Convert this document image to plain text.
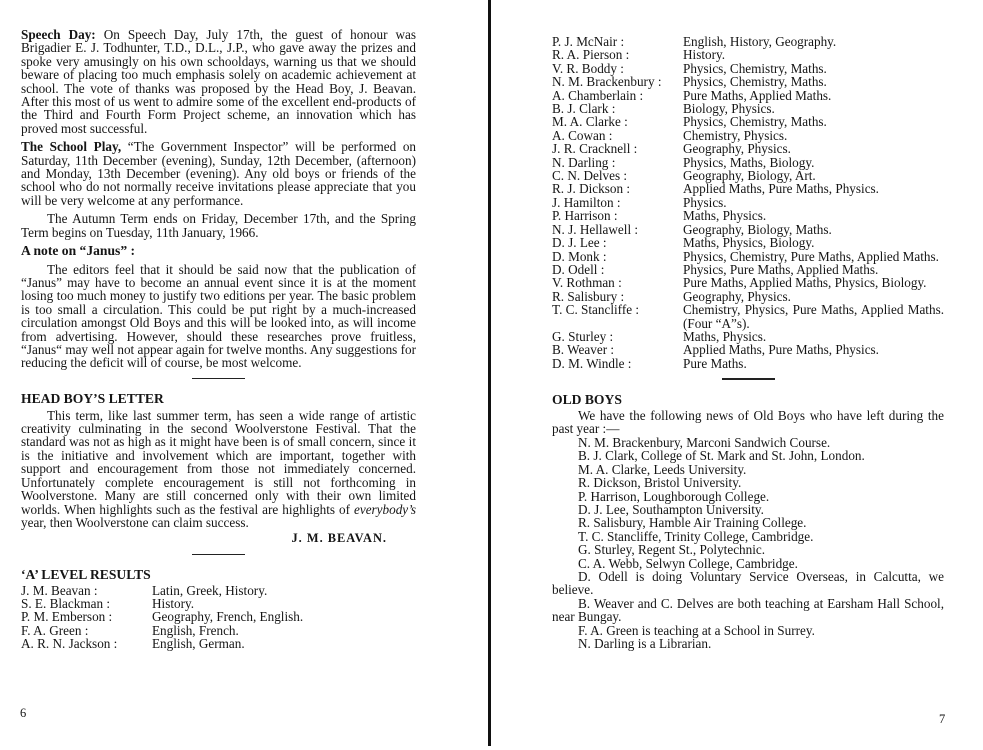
Speech Day: On Speech Day, July 17th, the guest of honour was Brigadier E. J. Todhunter, T.D., D.L., J.P., who gave away the prizes and spoke very amusingly on his own schooldays, warning us that we should beware of placing too much emphasis solely on academic achievement at school. The vote of thanks was proposed by the Head Boy, J. Beavan. After this most of us went to admire some of the excellent end-products of the Third and Fourth Form Project scheme, an innovation which has proved most successful.

The School Play, “The Government Inspector” will be performed on Saturday, 11th December (evening), Sunday, 12th December, (afternoon) and Monday, 13th December (evening). Any old boys or friends of the school who do not normally receive invitations please appreciate that you will be very welcome at any performance.

The Autumn Term ends on Friday, December 17th, and the Spring Term begins on Tuesday, 11th January, 1966.

A note on “Janus” :

The editors feel that it should be said now that the publication of “Janus” may have to become an annual event since it is at the moment losing too much money to justify two editions per year. The basic problem is too small a circulation. This could be put right by a much-increased circulation amongst Old Boys and this will be looked into, as will income from advertising. However, should these researches prove fruitless, “Janus“ may well not appear again for twelve months. Any suggestions for reducing the deficit will of course, be most welcome.

HEAD BOY’S LETTER

This term, like last summer term, has seen a wide range of artistic creativity culminating in the second Woolverstone Festival. That the standard was not as high as it might have been is of small concern, since it is the initiative and involvement which are important, together with support and encouragement from those not immediately concerned. Unfortunately complete encouragement is still not forthcoming in Woolverstone. Many are still concerned only with their own limited worlds. When highlights such as the festival are highlights of everybody’s year, then Woolverstone can claim success.

J. M. BEAVAN.

‘A’ LEVEL RESULTS

J. M. Beavan :	Latin, Greek, History.
S. E. Blackman :	History.
P. M. Emberson :	Geography, French, English.
F. A. Green :	English, French.
A. R. N. Jackson :	English, German.
6
P. J. McNair :	English, History, Geography.
R. A. Pierson :	History.
V. R. Boddy :	Physics, Chemistry, Maths.
N. M. Brackenbury :	Physics, Chemistry, Maths.
A. Chamberlain :	Pure Maths, Applied Maths.
B. J. Clark :	Biology, Physics.
M. A. Clarke :	Physics, Chemistry, Maths.
A. Cowan :	Chemistry, Physics.
J. R. Cracknell :	Geography, Physics.
N. Darling :	Physics, Maths, Biology.
C. N. Delves :	Geography, Biology, Art.
R. J. Dickson :	Applied Maths, Pure Maths, Physics.
J. Hamilton :	Physics.
P. Harrison :	Maths, Physics.
N. J. Hellawell :	Geography, Biology, Maths.
D. J. Lee :	Maths, Physics, Biology.
D. Monk :	Physics, Chemistry, Pure Maths, Applied Maths.
D. Odell :	Physics, Pure Maths, Applied Maths.
V. Rothman :	Pure Maths, Applied Maths, Physics, Biology.
R. Salisbury :	Geography, Physics.
T. C. Stancliffe :	Chemistry, Physics, Pure Maths, Applied Maths. (Four “A”s).
G. Sturley :	Maths, Physics.
B. Weaver :	Applied Maths, Pure Maths, Physics.
D. M. Windle :	Pure Maths.

OLD BOYS

We have the following news of Old Boys who have left during the past year :—

N. M. Brackenbury, Marconi Sandwich Course.
B. J. Clark, College of St. Mark and St. John, London.
M. A. Clarke, Leeds University.
R. Dickson, Bristol University.
P. Harrison, Loughborough College.
D. J. Lee, Southampton University.
R. Salisbury, Hamble Air Training College.
T. C. Stancliffe, Trinity College, Cambridge.
G. Sturley, Regent St., Polytechnic.
C. A. Webb, Selwyn College, Cambridge.

D. Odell is doing Voluntary Service Overseas, in Calcutta, we believe.

B. Weaver and C. Delves are both teaching at Earsham Hall School, near Bungay.

F. A. Green is teaching at a School in Surrey.

N. Darling is a Librarian.

7
